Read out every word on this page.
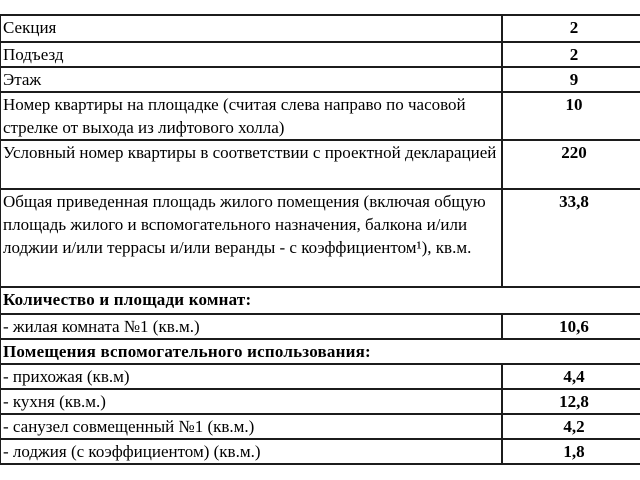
Секция	2
Подъезд	2
Этаж	9
Номер квартиры на площадке (считая слева направо по часовой стрелке от выхода из лифтового холла)	10
Условный номер квартиры в соответствии с проектной декларацией	220
Общая приведенная площадь жилого помещения (включая общую площадь жилого и вспомогательного назначения, балкона и/или лоджии и/или террасы и/или веранды - с коэффициентом¹), кв.м.	33,8
Количество и площади комнат:	
- жилая комната №1 (кв.м.)	10,6
Помещения вспомогательного использования:	
- прихожая (кв.м)	4,4
- кухня (кв.м.)	12,8
- санузел совмещенный №1 (кв.м.)	4,2
- лоджия (с коэффициентом) (кв.м.)	1,8
